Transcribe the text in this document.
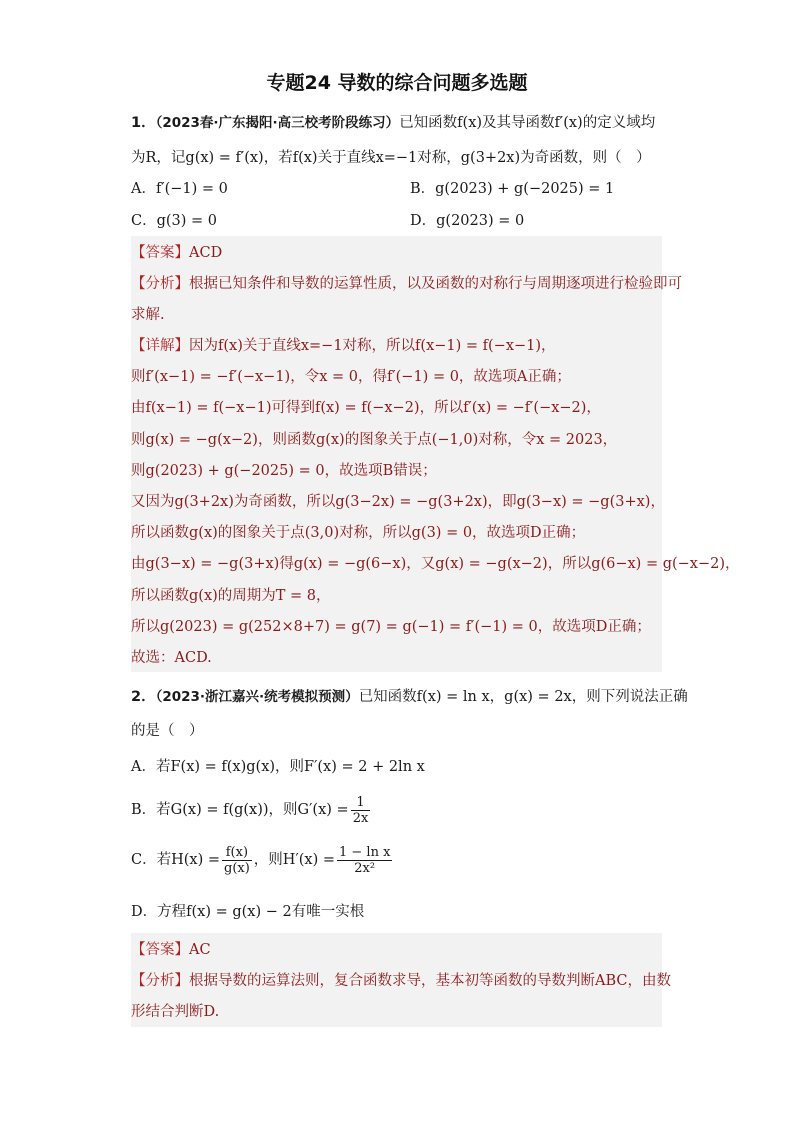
专题24 导数的综合问题多选题
1．（2023春·广东揭阳·高三校考阶段练习）已知函数f(x)及其导函数f′(x)的定义域均
为R，记g(x) = f′(x)，若f(x)关于直线x=−1对称，g(3+2x)为奇函数，则（　）
A．f′(−1) = 0	B．g(2023) + g(−2025) = 1
C．g(3) = 0	D．g(2023) = 0
【答案】ACD
【分析】根据已知条件和导数的运算性质，以及函数的对称行与周期逐项进行检验即可
求解.
【详解】因为f(x)关于直线x=−1对称，所以f(x−1) = f(−x−1)，
则f′(x−1) = −f′(−x−1)，令x = 0，得f′(−1) = 0，故选项A正确；
由f(x−1) = f(−x−1)可得到f(x) = f(−x−2)，所以f′(x) = −f′(−x−2)，
则g(x) = −g(x−2)，则函数g(x)的图象关于点(−1,0)对称，令x = 2023，
则g(2023) + g(−2025) = 0，故选项B错误；
又因为g(3+2x)为奇函数，所以g(3−2x) = −g(3+2x)，即g(3−x) = −g(3+x)，
所以函数g(x)的图象关于点(3,0)对称，所以g(3) = 0，故选项D正确；
由g(3−x) = −g(3+x)得g(x) = −g(6−x)，又g(x) = −g(x−2)，所以g(6−x) = g(−x−2)，
所以函数g(x)的周期为T = 8，
所以g(2023) = g(252×8+7) = g(7) = g(−1) = f′(−1) = 0，故选项D正确；
故选：ACD.
2．（2023·浙江嘉兴·统考模拟预测）已知函数f(x) = ln x，g(x) = 2x，则下列说法正确
的是（　）
A．若F(x) = f(x)g(x)，则F′(x) = 2 + 2ln x
B．若G(x) = f(g(x))，则$G'(x) = \frac{1}{2x}$
C．若$H(x) = \frac{f(x)}{g(x)}$ ，则$H'(x) = \frac{\text{1 − ln x}}{\text{2x²}}$
D．方程f(x) = g(x) − 2有唯一实根
【答案】AC
【分析】根据导数的运算法则，复合函数求导，基本初等函数的导数判断ABC，由数
形结合判断D.
